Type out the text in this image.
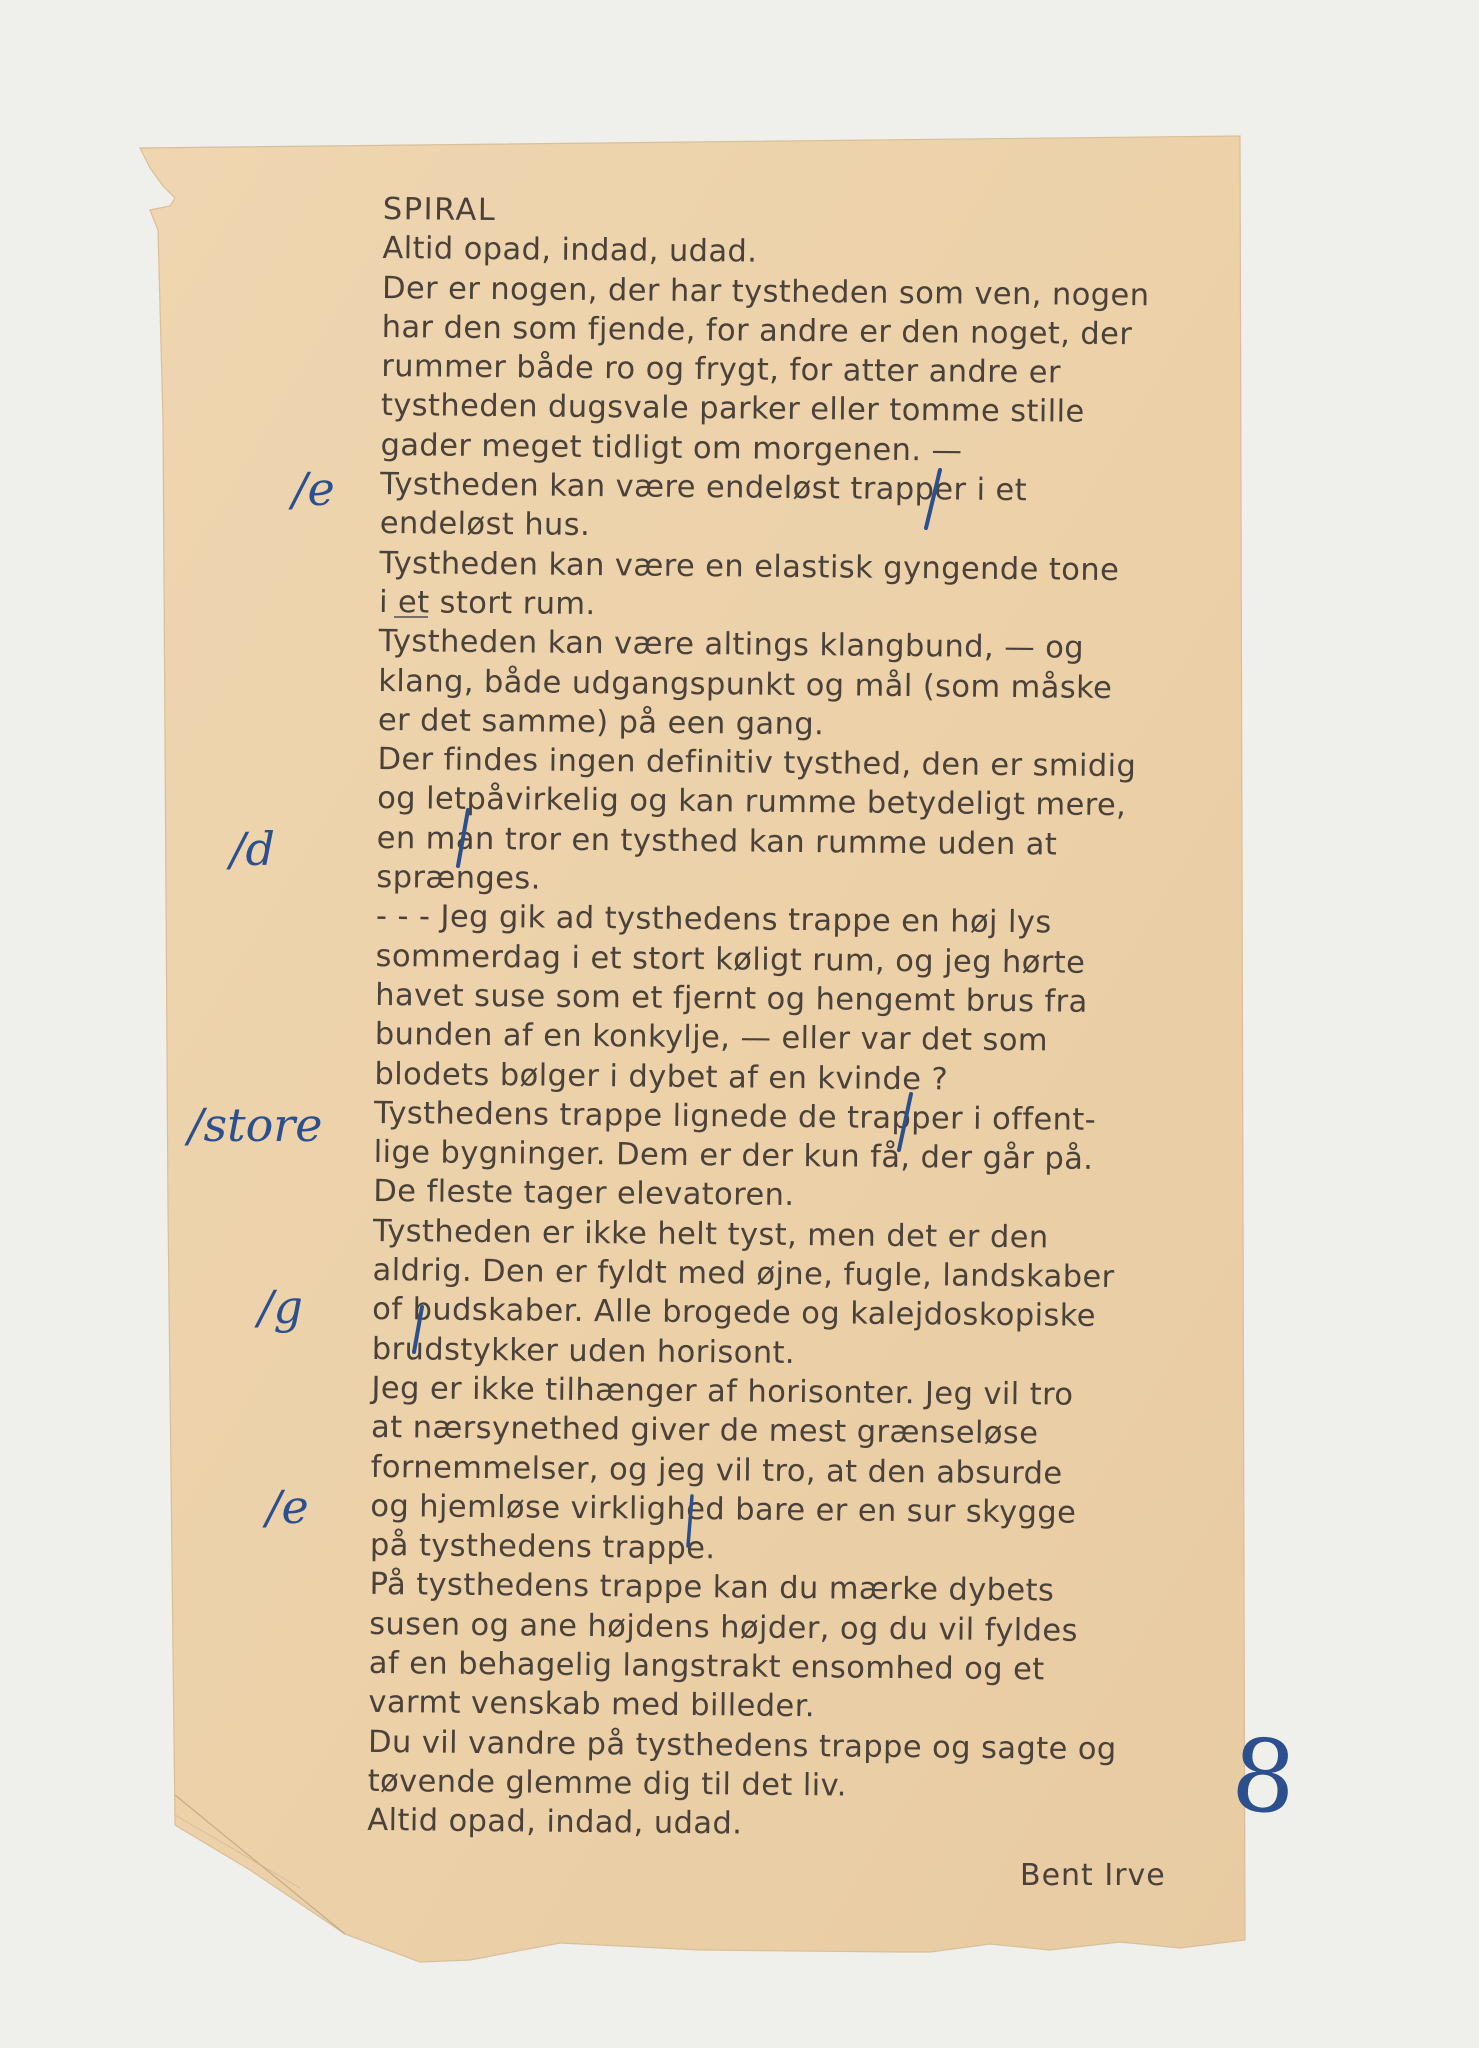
SPIRAL
Altid opad, indad, udad.
Der er nogen, der har tystheden som ven, nogen
har den som fjende, for andre er den noget, der
rummer både ro og frygt, for atter andre er
tystheden dugsvale parker eller tomme stille
gader meget tidligt om morgenen. —
Tystheden kan være endeløst trapper i et
endeløst hus.
Tystheden kan være en elastisk gyngende tone
i et stort rum.
Tystheden kan være altings klangbund, — og
klang, både udgangspunkt og mål (som måske
er det samme) på een gang.
Der findes ingen definitiv tysthed, den er smidig
og letpåvirkelig og kan rumme betydeligt mere,
en man tror en tysthed kan rumme uden at
sprænges.
- - - Jeg gik ad tysthedens trappe en høj lys
sommerdag i et stort køligt rum, og jeg hørte
havet suse som et fjernt og hengemt brus fra
bunden af en konkylje, — eller var det som
blodets bølger i dybet af en kvinde ?
Tysthedens trappe lignede de trapper i offent-
lige bygninger. Dem er der kun få, der går på.
De fleste tager elevatoren.
Tystheden er ikke helt tyst, men det er den
aldrig. Den er fyldt med øjne, fugle, landskaber
of budskaber. Alle brogede og kalejdoskopiske
brudstykker uden horisont.
Jeg er ikke tilhænger af horisonter. Jeg vil tro
at nærsynethed giver de mest grænseløse
fornemmelser, og jeg vil tro, at den absurde
og hjemløse virklighed bare er en sur skygge
på tysthedens trappe.
På tysthedens trappe kan du mærke dybets
susen og ane højdens højder, og du vil fyldes
af en behagelig langstrakt ensomhed og et
varmt venskab med billeder.
Du vil vandre på tysthedens trappe og sagte og
tøvende glemme dig til det liv.
Altid opad, indad, udad.
Bent Irve
/e
/d
/store
/g
/e
8
